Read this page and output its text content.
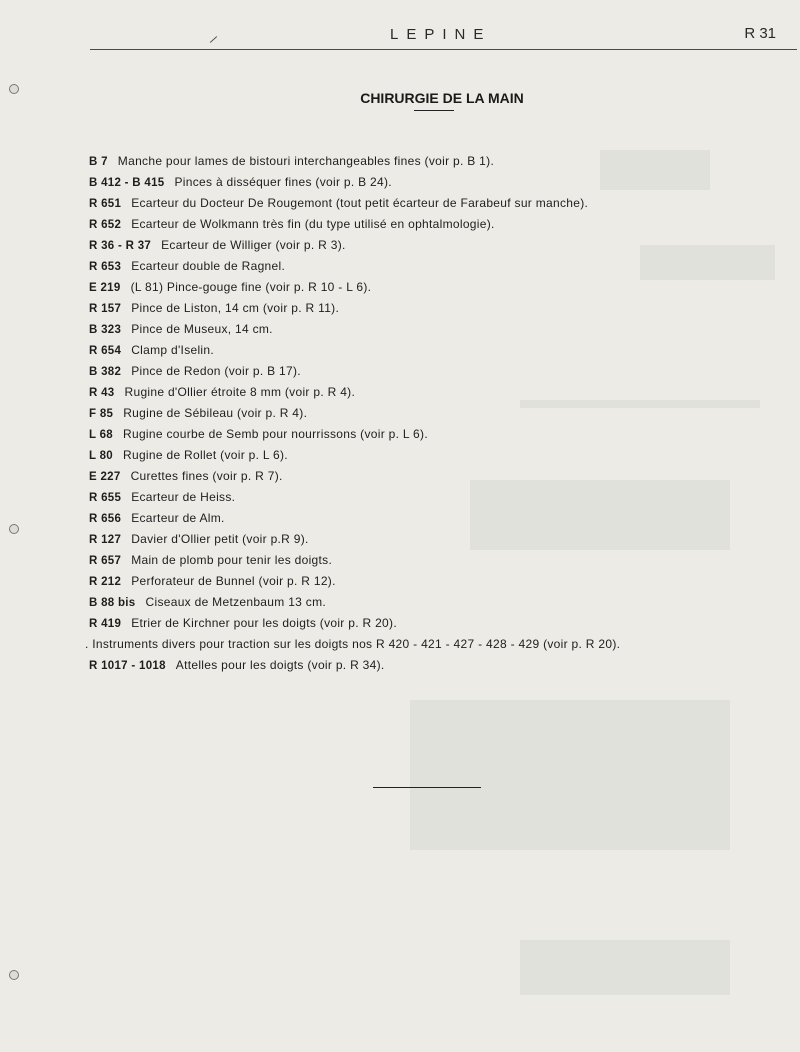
LEPINE	R 31
CHIRURGIE DE LA MAIN
B 7 Manche pour lames de bistouri interchangeables fines (voir p. B 1).
B 412 - B 415 Pinces à disséquer fines (voir p. B 24).
R 651 Ecarteur du Docteur De Rougemont (tout petit écarteur de Farabeuf sur manche).
R 652 Ecarteur de Wolkmann très fin (du type utilisé en ophtalmologie).
R 36 - R 37 Ecarteur de Williger (voir p. R 3).
R 653 Ecarteur double de Ragnel.
E 219 (L 81) Pince-gouge fine (voir p. R 10 - L 6).
R 157 Pince de Liston, 14 cm (voir p. R 11).
B 323 Pince de Museux, 14 cm.
R 654 Clamp d'Iselin.
B 382 Pince de Redon (voir p. B 17).
R 43 Rugine d'Ollier étroite 8 mm (voir p. R 4).
F 85 Rugine de Sébileau (voir p. R 4).
L 68 Rugine courbe de Semb pour nourrissons (voir p. L 6).
L 80 Rugine de Rollet (voir p. L 6).
E 227 Curettes fines (voir p. R 7).
R 655 Ecarteur de Heiss.
R 656 Ecarteur de Alm.
R 127 Davier d'Ollier petit (voir p.R 9).
R 657 Main de plomb pour tenir les doigts.
R 212 Perforateur de Bunnel (voir p. R 12).
B 88 bis Ciseaux de Metzenbaum 13 cm.
R 419 Etrier de Kirchner pour les doigts (voir p. R 20).
. Instruments divers pour traction sur les doigts nos R 420 - 421 - 427 - 428 - 429 (voir p. R 20).
R 1017 - 1018 Attelles pour les doigts (voir p. R 34).
